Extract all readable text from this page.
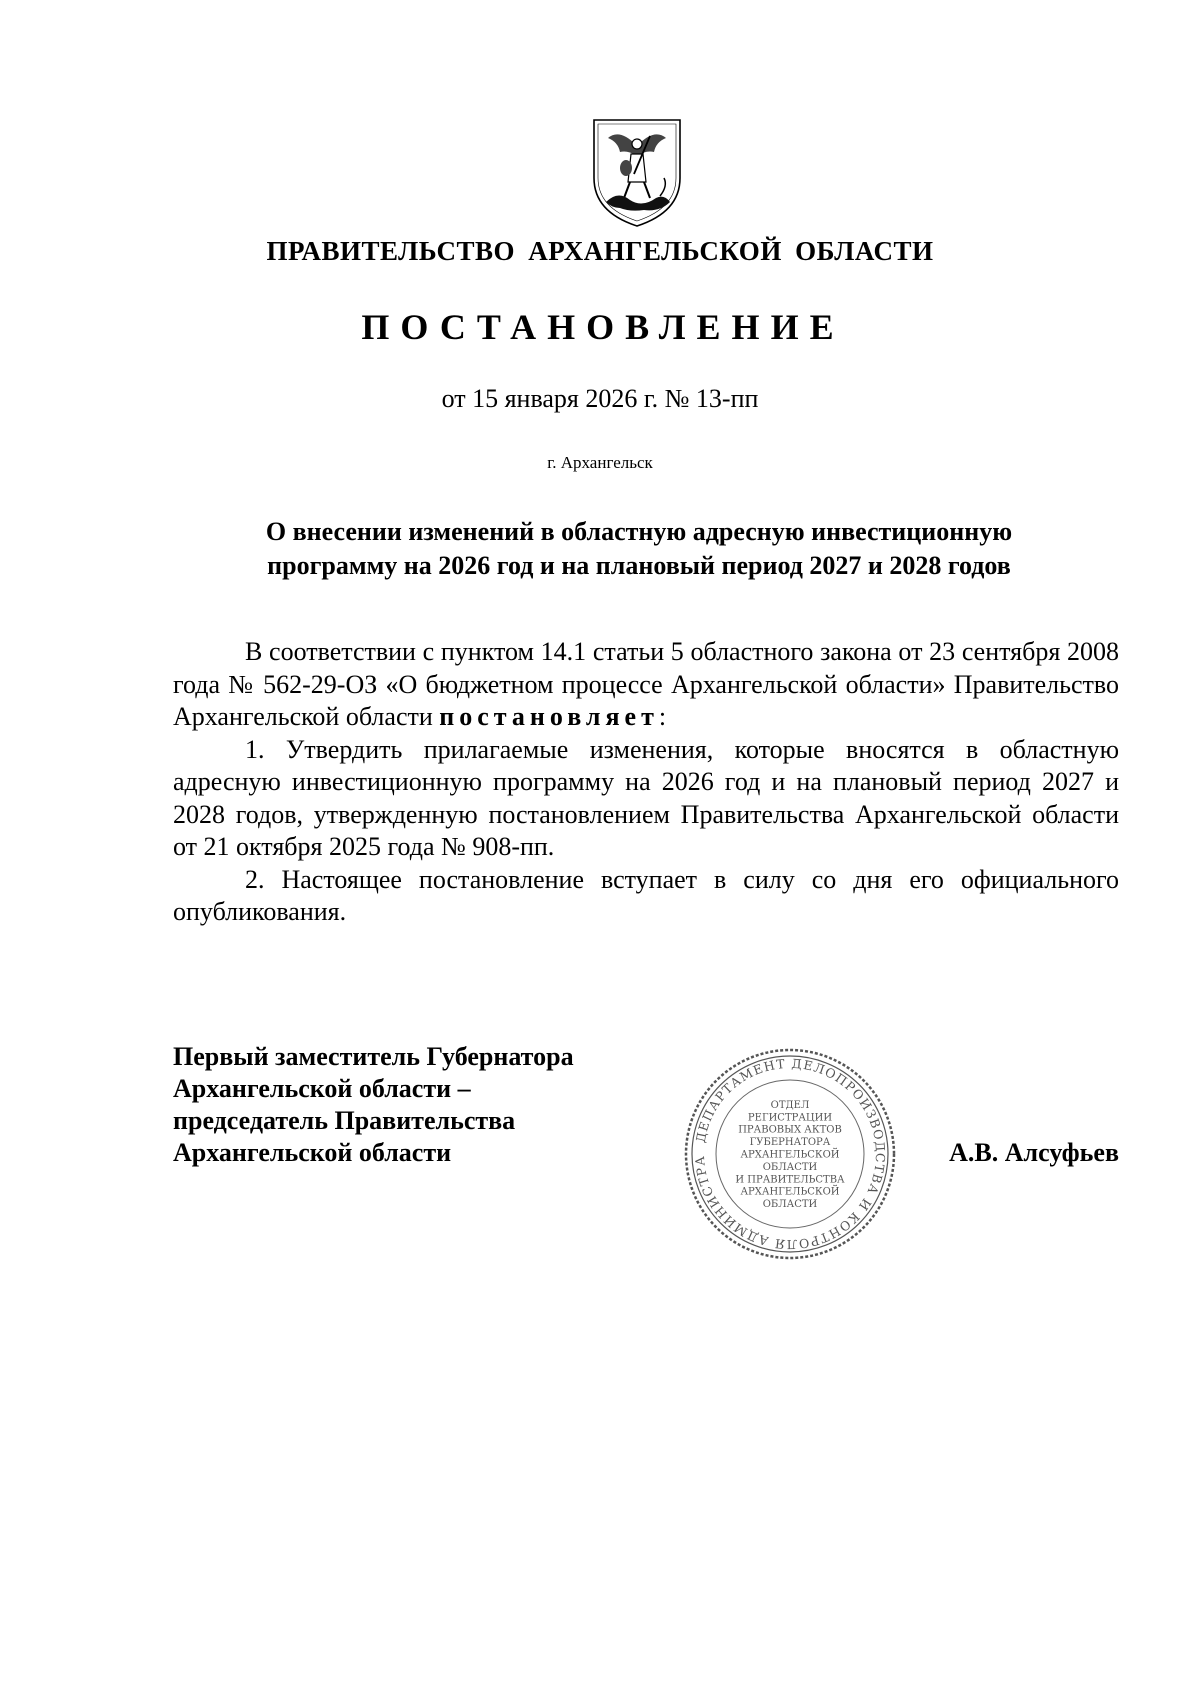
ПРАВИТЕЛЬСТВО АРХАНГЕЛЬСКОЙ ОБЛАСТИ
ПОСТАНОВЛЕНИЕ
от 15 января 2026 г. № 13-пп
г. Архангельск
О внесении изменений в областную адресную инвестиционную
программу на 2026 год и на плановый период 2027 и 2028 годов

В соответствии с пунктом 14.1 статьи 5 областного закона от 23 сентября 2008 года № 562-29-ОЗ «О бюджетном процессе Архангельской области» Правительство Архангельской области постановляет:

1. Утвердить прилагаемые изменения, которые вносятся в областную адресную инвестиционную программу на 2026 год и на плановый период 2027 и 2028 годов, утвержденную постановлением Правительства Архангельской области от 21 октября 2025 года № 908-пп.

2. Настоящее постановление вступает в силу со дня его официального опубликования.

Первый заместитель Губернатора
Архангельской области –
председатель Правительства
Архангельской области
ДЕПАРТАМЕНТ ДЕЛОПРОИЗВОДСТВА И КОНТРОЛЯ АДМИНИСТРА
ОТДЕЛ
РЕГИСТРАЦИИ
ПРАВОВЫХ АКТОВ
ГУБЕРНАТОРА
АРХАНГЕЛЬСКОЙ
ОБЛАСТИ
И ПРАВИТЕЛЬСТВА
АРХАНГЕЛЬСКОЙ
ОБЛАСТИ
А.В. Алсуфьев
